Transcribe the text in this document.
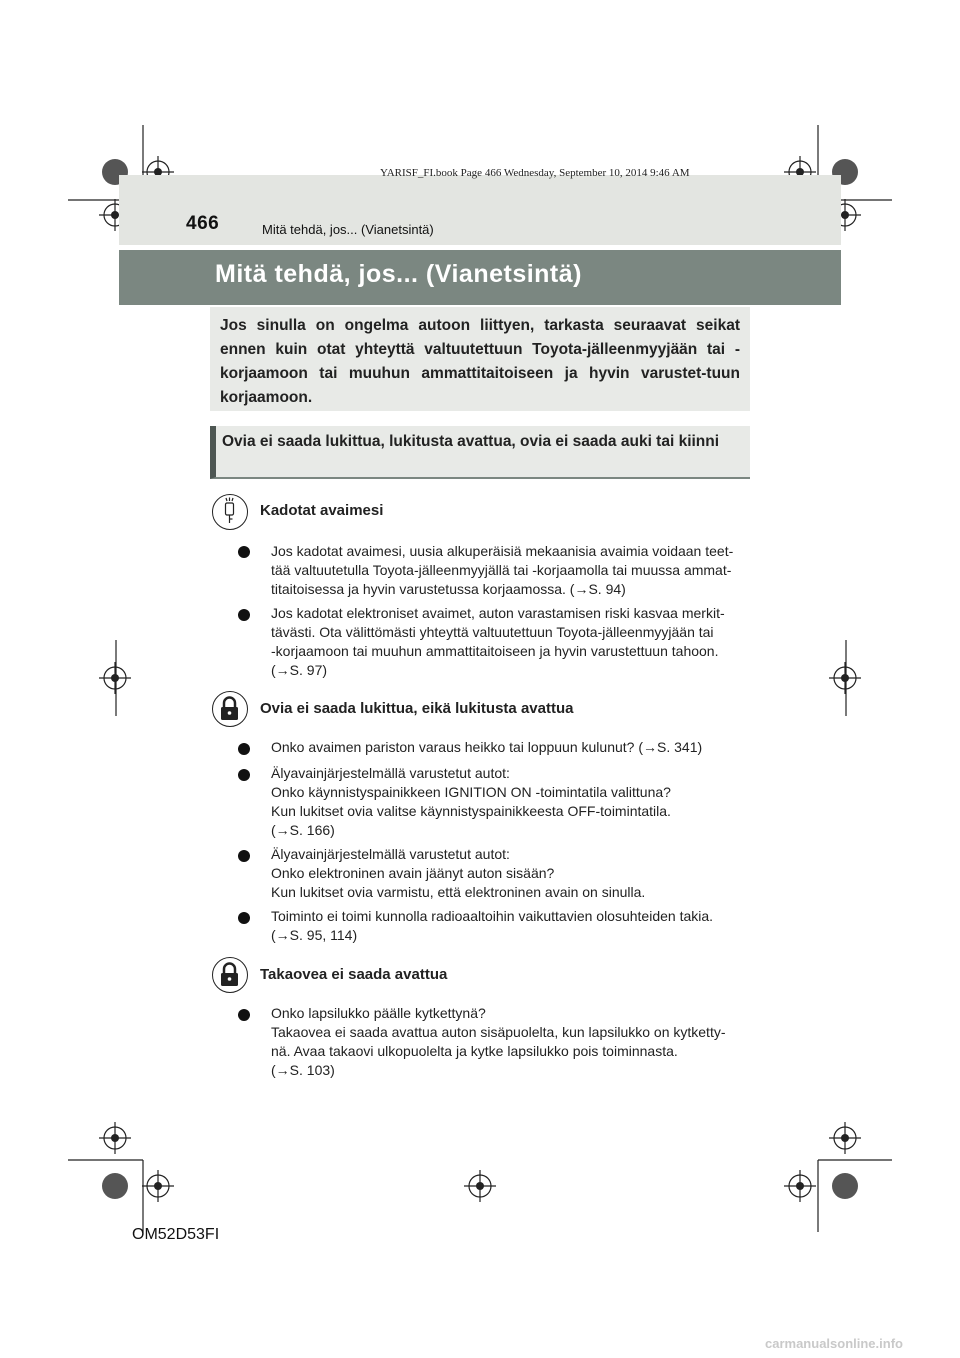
YARISF_FI.book Page 466 Wednesday, September 10, 2014 9:46 AM
466	Mitä tehdä, jos... (Vianetsintä)
Mitä tehdä, jos... (Vianetsintä)

Jos sinulla on ongelma autoon liittyen, tarkasta seuraavat seikat ennen kuin otat yhteyttä valtuutettuun Toyota-jälleenmyyjään tai -korjaamoon tai muuhun ammattitaitoiseen ja hyvin varustet-tuun korjaamoon.

Ovia ei saada lukittua, lukitusta avattua, ovia ei saada auki tai kiinni

Kadotat avaimesi
Jos kadotat avaimesi, uusia alkuperäisiä mekaanisia avaimia voidaan teet-
tää valtuutetulla Toyota-jälleenmyyjällä tai -korjaamolla tai muussa ammat-
titaitoisessa ja hyvin varustetussa korjaamossa. (→S. 94)
Jos kadotat elektroniset avaimet, auton varastamisen riski kasvaa merkit-
tävästi. Ota välittömästi yhteyttä valtuutettuun Toyota-jälleenmyyjään tai
-korjaamoon tai muuhun ammattitaitoiseen ja hyvin varustettuun tahoon.
(→S. 97)
Ovia ei saada lukittua, eikä lukitusta avattua
Onko avaimen pariston varaus heikko tai loppuun kulunut? (→S. 341)
Älyavainjärjestelmällä varustetut autot:
Onko käynnistyspainikkeen IGNITION ON -toimintatila valittuna?
Kun lukitset ovia valitse käynnistyspainikkeesta OFF-toimintatila.
(→S. 166)
Älyavainjärjestelmällä varustetut autot:
Onko elektroninen avain jäänyt auton sisään?
Kun lukitset ovia varmistu, että elektroninen avain on sinulla.
Toiminto ei toimi kunnolla radioaaltoihin vaikuttavien olosuhteiden takia.
(→S. 95, 114)
Takaovea ei saada avattua
Onko lapsilukko päälle kytkettynä?
Takaovea ei saada avattua auton sisäpuolelta, kun lapsilukko on kytketty-
nä. Avaa takaovi ulkopuolelta ja kytke lapsilukko pois toiminnasta.
(→S. 103)
OM52D53FI
carmanualsonline.info
